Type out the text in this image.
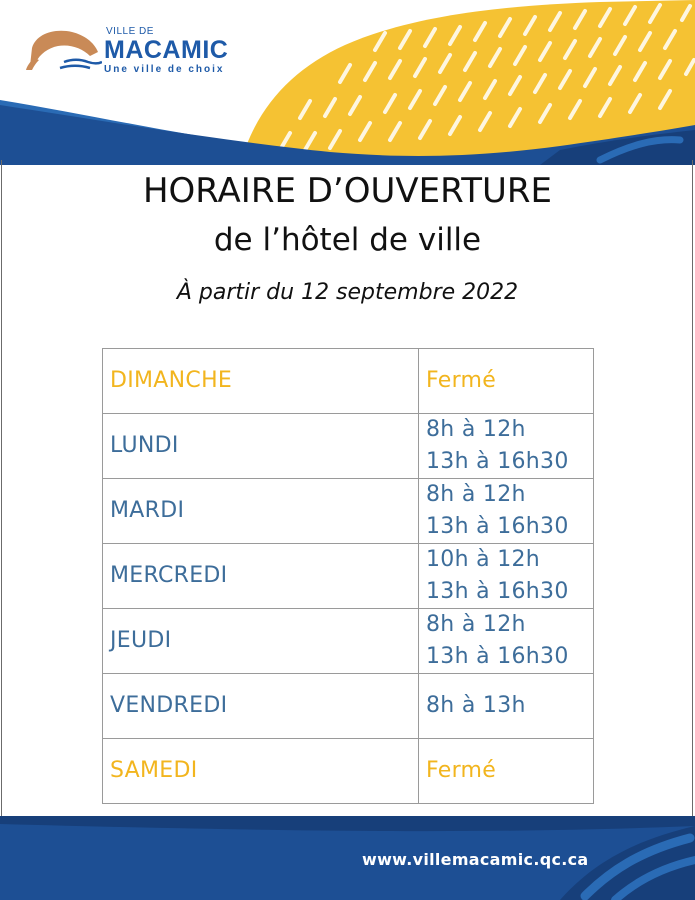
VILLE DE
MACAMIC
Une ville de choix
HORAIRE D’OUVERTURE
de l’hôtel de ville
À partir du 12 septembre 2022
DIMANCHE	Fermé

LUNDI	8h à 12h
13h à 16h30

MARDI	8h à 12h
13h à 16h30

MERCREDI	10h à 12h
13h à 16h30

JEUDI	8h à 12h
13h à 16h30

VENDREDI	8h à 13h

SAMEDI	Fermé
www.villemacamic.qc.ca
